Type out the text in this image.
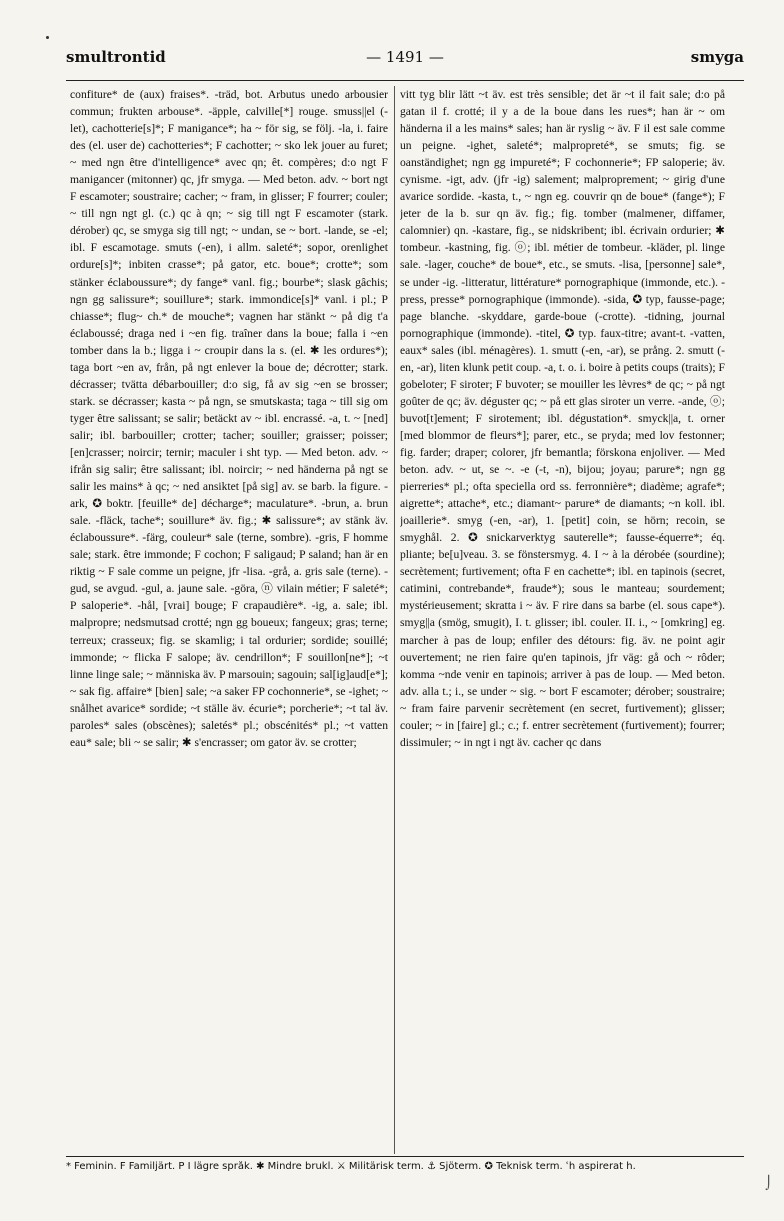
smultrontid	— 1491 —	smyga

confiture* de (aux) fraises*. -träd, bot. Arbutus unedo arbousier commun; frukten arbouse*. -äpple, calville[*] rouge. smuss||el (-let), cachotterie[s]*; F manigance*; ha ~ för sig, se följ. -la, i. faire des (el. user de) cachotteries*; F cachotter; ~ sko lek jouer au furet; ~ med ngn être d'intelligence* avec qn; êt. compères; d:o ngt F manigancer (mitonner) qc, jfr smyga. — Med beton. adv. ~ bort ngt F escamoter; soustraire; cacher; ~ fram, in glisser; F fourrer; couler; ~ till ngn ngt gl. (c.) qc à qn; ~ sig till ngt F escamoter (stark. dérober) qc, se smyga sig till ngt; ~ undan, se ~ bort. -lande, se -el; ibl. F escamotage. smuts (-en), i allm. saleté*; sopor, orenlighet ordure[s]*; inbiten crasse*; på gator, etc. boue*; crotte*; som stänker éclaboussure*; dy fange* vanl. fig.; bourbe*; slask gâchis; ngn gg salissure*; souillure*; stark. immondice[s]* vanl. i pl.; P chiasse*; flug~ ch.* de mouche*; vagnen har stänkt ~ på dig t'a éclaboussé; draga ned i ~en fig. traîner dans la boue; falla i ~en tomber dans la b.; ligga i ~ croupir dans la s. (el. ✱ les ordures*); taga bort ~en av, från, på ngt enlever la boue de; décrotter; stark. décrasser; tvätta débarbouiller; d:o sig, få av sig ~en se brosser; stark. se décrasser; kasta ~ på ngn, se smutskasta; taga ~ till sig om tyger être salissant; se salir; betäckt av ~ ibl. encrassé. -a, t. ~ [ned] salir; ibl. barbouiller; crotter; tacher; souiller; graisser; poisser; [en]crasser; noircir; ternir; maculer i sht typ. — Med beton. adv. ~ ifrån sig salir; être salissant; ibl. noircir; ~ ned händerna på ngt se salir les mains* à qc; ~ ned ansiktet [på sig] av. se barb. la figure. -ark, ✪ boktr. [feuille* de] décharge*; maculature*. -brun, a. brun sale. -fläck, tache*; souillure* äv. fig.; ✱ salissure*; av stänk äv. éclaboussure*. -färg, couleur* sale (terne, sombre). -gris, F homme sale; stark. être immonde; F cochon; F saligaud; P saland; han är en riktig ~ F sale comme un peigne, jfr -lisa. -grå, a. gris sale (terne). -gud, se avgud. -gul, a. jaune sale. -göra, ⓝ vilain métier; F saleté*; P saloperie*. -hål, [vrai] bouge; F crapaudière*. -ig, a. sale; ibl. malpropre; nedsmutsad crotté; ngn gg boueux; fangeux; gras; terne; terreux; crasseux; fig. se skamlig; i tal ordurier; sordide; souillé; immonde; ~ flicka F salope; äv. cendrillon*; F souillon[ne*]; ~t linne linge sale; ~ människa äv. P marsouin; sagouin; sal[ig]aud[e*]; ~ sak fig. affaire* [bien] sale; ~a saker FP cochonnerie*, se -ighet; ~ snålhet avarice* sordide; ~t ställe äv. écurie*; porcherie*; ~t tal äv. paroles* sales (obscènes); saletés* pl.; obscénités* pl.; ~t vatten eau* sale; bli ~ se salir; ✱ s'encrasser; om gator äv. se crotter;

vitt tyg blir lätt ~t äv. est très sensible; det är ~t il fait sale; d:o på gatan il f. crotté; il y a de la boue dans les rues*; han är ~ om händerna il a les mains* sales; han är ryslig ~ äv. F il est sale comme un peigne. -ighet, saleté*; malpropreté*, se smuts; fig. se oanständighet; ngn gg impureté*; F cochonnerie*; FP saloperie; äv. cynisme. -igt, adv. (jfr -ig) salement; malproprement; ~ girig d'une avarice sordide. -kasta, t., ~ ngn eg. couvrir qn de boue* (fange*); F jeter de la b. sur qn äv. fig.; fig. tomber (malmener, diffamer, calomnier) qn. -kastare, fig., se nidskribent; ibl. écrivain ordurier; ✱ tombeur. -kastning, fig. ⓞ; ibl. métier de tombeur. -kläder, pl. linge sale. -lager, couche* de boue*, etc., se smuts. -lisa, [personne] sale*, se under -ig. -litteratur, littérature* pornographique (immonde, etc.). -press, presse* pornographique (immonde). -sida, ✪ typ, fausse-page; page blanche. -skyddare, garde-boue (-crotte). -tidning, journal pornographique (immonde). -titel, ✪ typ. faux-titre; avant-t. -vatten, eaux* sales (ibl. ménagères). 1. smutt (-en, -ar), se prång. 2. smutt (-en, -ar), liten klunk petit coup. -a, t. o. i. boire à petits coups (traits); F gobeloter; F siroter; F buvoter; se mouiller les lèvres* de qc; ~ på ngt goûter de qc; äv. déguster qc; ~ på ett glas siroter un verre. -ande, ⓞ; buvot[t]ement; F sirotement; ibl. dégustation*. smyck||a, t. orner [med blommor de fleurs*]; parer, etc., se pryda; med lov festonner; fig. farder; draper; colorer, jfr bemantla; förskona enjoliver. — Med beton. adv. ~ ut, se ~. -e (-t, -n), bijou; joyau; parure*; ngn gg pierreries* pl.; ofta speciella ord ss. ferronnière*; diadème; agrafe*; aigrette*; attache*, etc.; diamant~ parure* de diamants; ~n koll. ibl. joaillerie*. smyg (-en, -ar), 1. [petit] coin, se hörn; recoin, se smyghål. 2. ✪ snickarverktyg sauterelle*; fausse-équerre*; éq. pliante; be[u]veau. 3. se fönstersmyg. 4. I ~ à la dérobée (sourdine); secrètement; furtivement; ofta F en cachette*; ibl. en tapinois (secret, catimini, contrebande*, fraude*); sous le manteau; sourdement; mystérieusement; skratta i ~ äv. F rire dans sa barbe (el. sous cape*). smyg||a (smög, smugit), I. t. glisser; ibl. couler. II. i., ~ [omkring] eg. marcher à pas de loup; enfiler des détours: fig. äv. ne point agir ouvertement; ne rien faire qu'en tapinois, jfr väg: gå och ~ rôder; komma ~nde venir en tapinois; arriver à pas de loup. — Med beton. adv. alla t.; i., se under ~ sig. ~ bort F escamoter; dérober; soustraire; ~ fram faire parvenir secrètement (en secret, furtivement); glisser; couler; ~ in [faire] gl.; c.; f. entrer secrètement (furtivement); fourrer; dissimuler; ~ in ngt i ngt äv. cacher qc dans

* Feminin. F Familjärt. P I lägre språk. ✱ Mindre brukl. ⚔ Militärisk term. ⚓ Sjöterm. ✪ Teknisk term. ʿh aspirerat h.
⌡
